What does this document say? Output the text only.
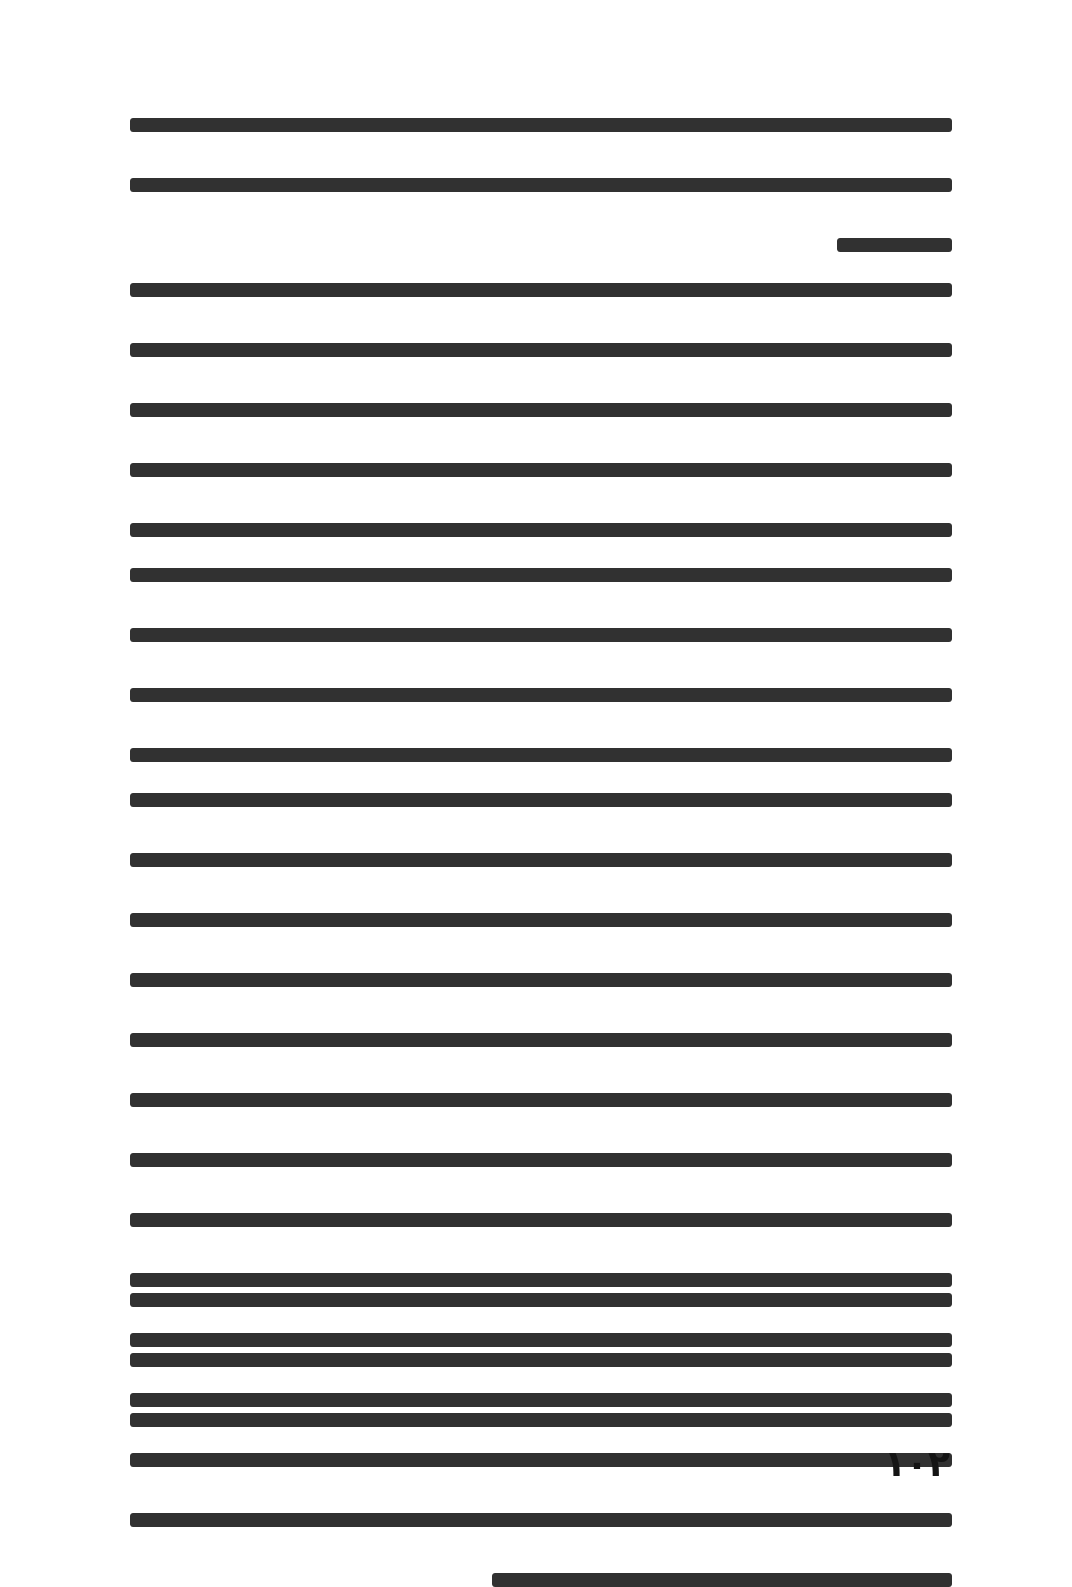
١٠٢
